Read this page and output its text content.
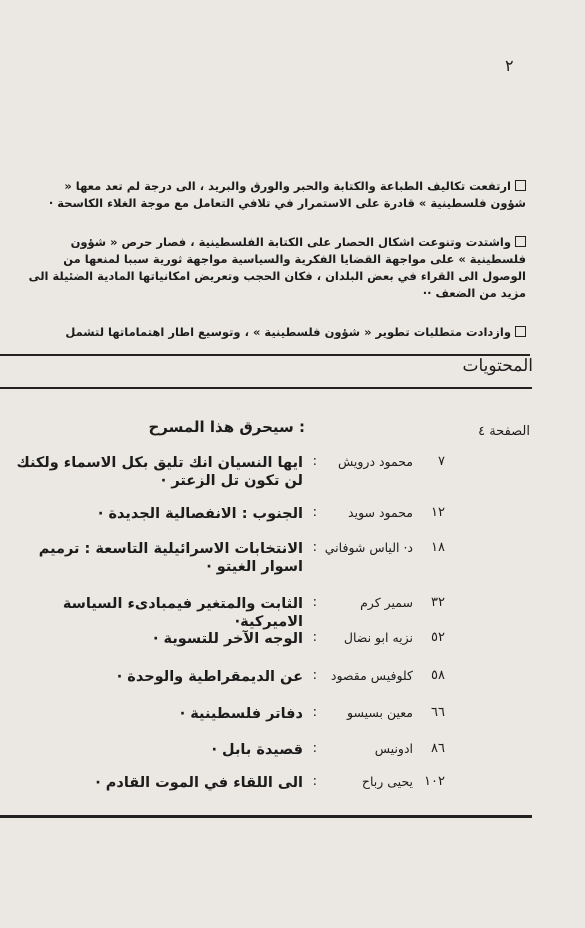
٢
ارتفعت تكاليف الطباعة والكتابة والحبر والورق والبريد ، الى درجة لم تعد معها « شؤون فلسطينية » قادرة على الاستمرار في تلافي التعامل مع موجة الغلاء الكاسحة ·
واشتدت وتنوعت اشكال الحصار على الكتابة الفلسطينية ، فصار حرص « شؤون فلسطينية » على مواجهة القضايا الفكرية والسياسية مواجهة ثورية سببا لمنعها من الوصول الى القراء في بعض البلدان ، فكان الحجب وتعريض امكانياتها المادية الضئيلة الى مزيد من الضعف ··
وازدادت متطلبات تطوير « شؤون فلسطينية » ، وتوسيع اطار اهتماماتها لتشمل
المحتويات
الصفحة ٤
: سيحرق هذا المسرح
٧
محمود درويش
:
ايها النسيان انك تليق بكل الاسماء ولكنك لن تكون تل الزعتر ·
١٢
محمود سويد
:
الجنوب : الانفصالية الجديدة ·
١٨
د· الياس شوفاني
:
الانتخابات الاسرائيلية التاسعة : ترميم اسوار الغيتو ·
٣٢
سمير كرم
:
الثابت والمتغير فيمبادىء السياسة الاميركية·
٥٢
نزيه ابو نضال
:
الوجه الآخر للتسوية ·
٥٨
كلوفيس مقصود
:
عن الديمقراطية والوحدة ·
٦٦
معين بسيسو
:
دفاتر فلسطينية ·
٨٦
ادونيس
:
قصيدة بابل ·
١٠٢
يحيى رباح
:
الى اللقاء في الموت القادم ·
